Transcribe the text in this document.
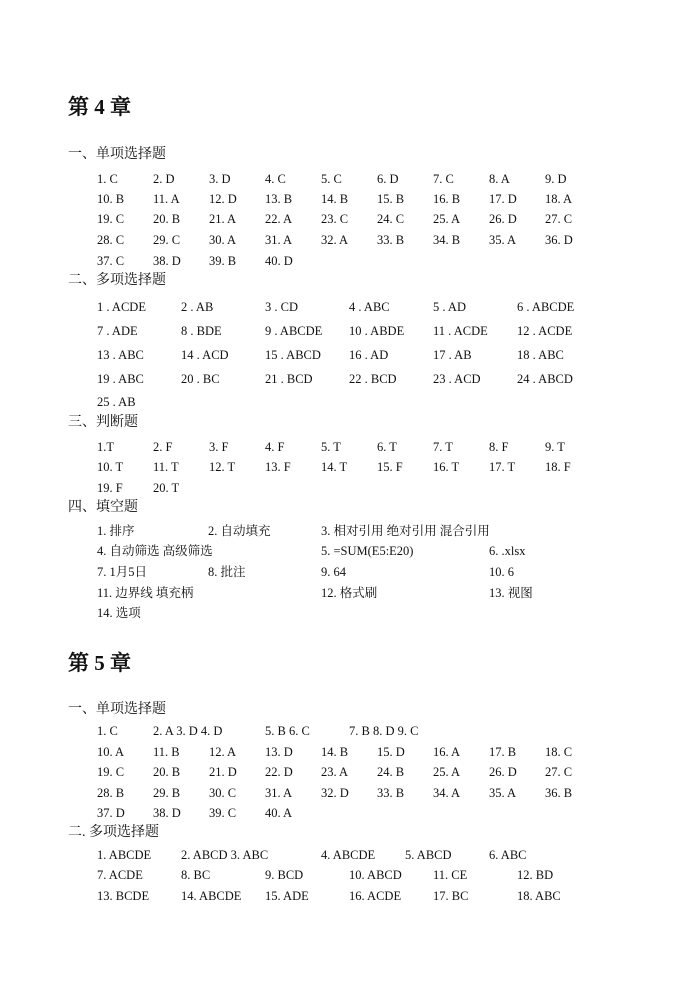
第 4 章
一、单项选择题
1. C	2. D	3. D	4. C	5. C	6. D	7. C	8. A	9. D
10. B 11. A 12. D 13. B 14. B 15. B 16. B 17. D 18. A
19. C 20. B 21. A 22. A 23. C 24. C 25. A 26. D 27. C
28. C 29. C 30. A 31. A 32. A 33. B 34. B 35. A 36. D
37. C 38. D 39. B 40. D
二、多项选择题
1 . ACDE	2 . AB	3 . CD	4 . ABC	5 . AD	6 . ABCDE
7 . ADE	8 . BDE	9 . ABCDE 10 . ABDE 11 . ACDE 12 . ACDE
13 . ABC	14 . ACD	15 . ABCD 16 . AD	17 . AB	18 . ABC
19 . ABC	20 . BC	21 . BCD	22 . BCD	23 . ACD	24 . ABCD
25 . AB
三、判断题
1.T	2. F	3. F	4. F	5. T	6. T	7. T	8. F	9. T
10. T 11. T 12. T 13. F 14. T 15. F 16. T 17. T 18. F
19. F 20. T
四、填空题
1. 排序	2. 自动填充	3. 相对引用 绝对引用 混合引用
4. 自动筛选 高级筛选	5. =SUM(E5:E20)	6. .xlsx
7. 1月5日	8. 批注	9. 64	10. 6
11. 边界线 填充柄	12. 格式刷	13. 视图
14. 选项
第 5 章
一、单项选择题
1. C	2. A 3. D 4. D	5. B 6. C	7. B 8. D 9. C
10. A 11. B 12. A 13. D 14. B 15. D 16. A 17. B 18. C
19. C 20. B 21. D 22. D 23. A 24. B 25. A 26. D 27. C
28. B 29. B 30. C 31. A 32. D 33. B 34. A 35. A 36. B
37. D 38. D 39. C 40. A
二. 多项选择题
1. ABCDE 2. ABCD 3. ABC	4. ABCDE 5. ABCD	6. ABC
7. ACDE	8. BC	9. BCD	10. ABCD 11. CE	12. BD
13. BCDE	14. ABCDE 15. ADE	16. ACDE	17. BC	18. ABC
